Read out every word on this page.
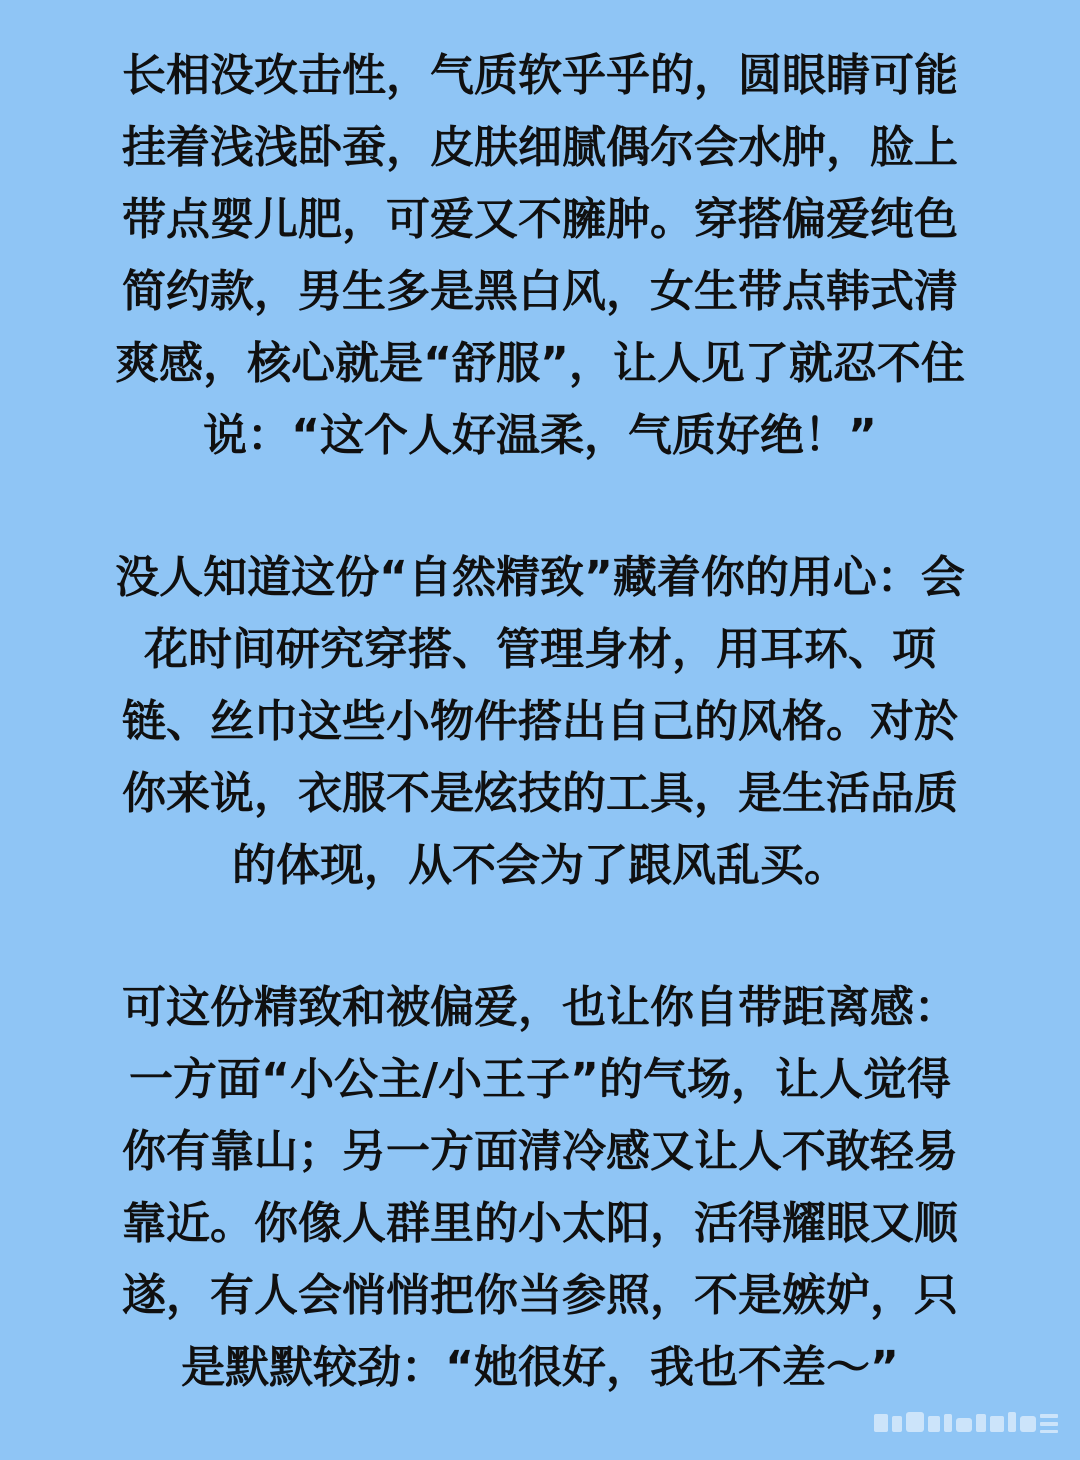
长相没攻击性，气质软乎乎的，圆眼睛可能
挂着浅浅卧蚕，皮肤细腻偶尔会水肿，脸上
带点婴儿肥，可爱又不臃肿。穿搭偏爱纯色
简约款，男生多是黑白风，女生带点韩式清
爽感，核心就是“舒服”，让人见了就忍不住
说：“这个人好温柔，气质好绝！”
没人知道这份“自然精致”藏着你的用心：会
花时间研究穿搭、管理身材，用耳环、项
链、丝巾这些小物件搭出自己的风格。对於
你来说，衣服不是炫技的工具，是生活品质
的体现，从不会为了跟风乱买。
可这份精致和被偏爱，也让你自带距离感：
一方面“小公主/小王子”的气场，让人觉得
你有靠山；另一方面清冷感又让人不敢轻易
靠近。你像人群里的小太阳，活得耀眼又顺
遂，有人会悄悄把你当参照，不是嫉妒，只
是默默较劲：“她很好，我也不差～”
